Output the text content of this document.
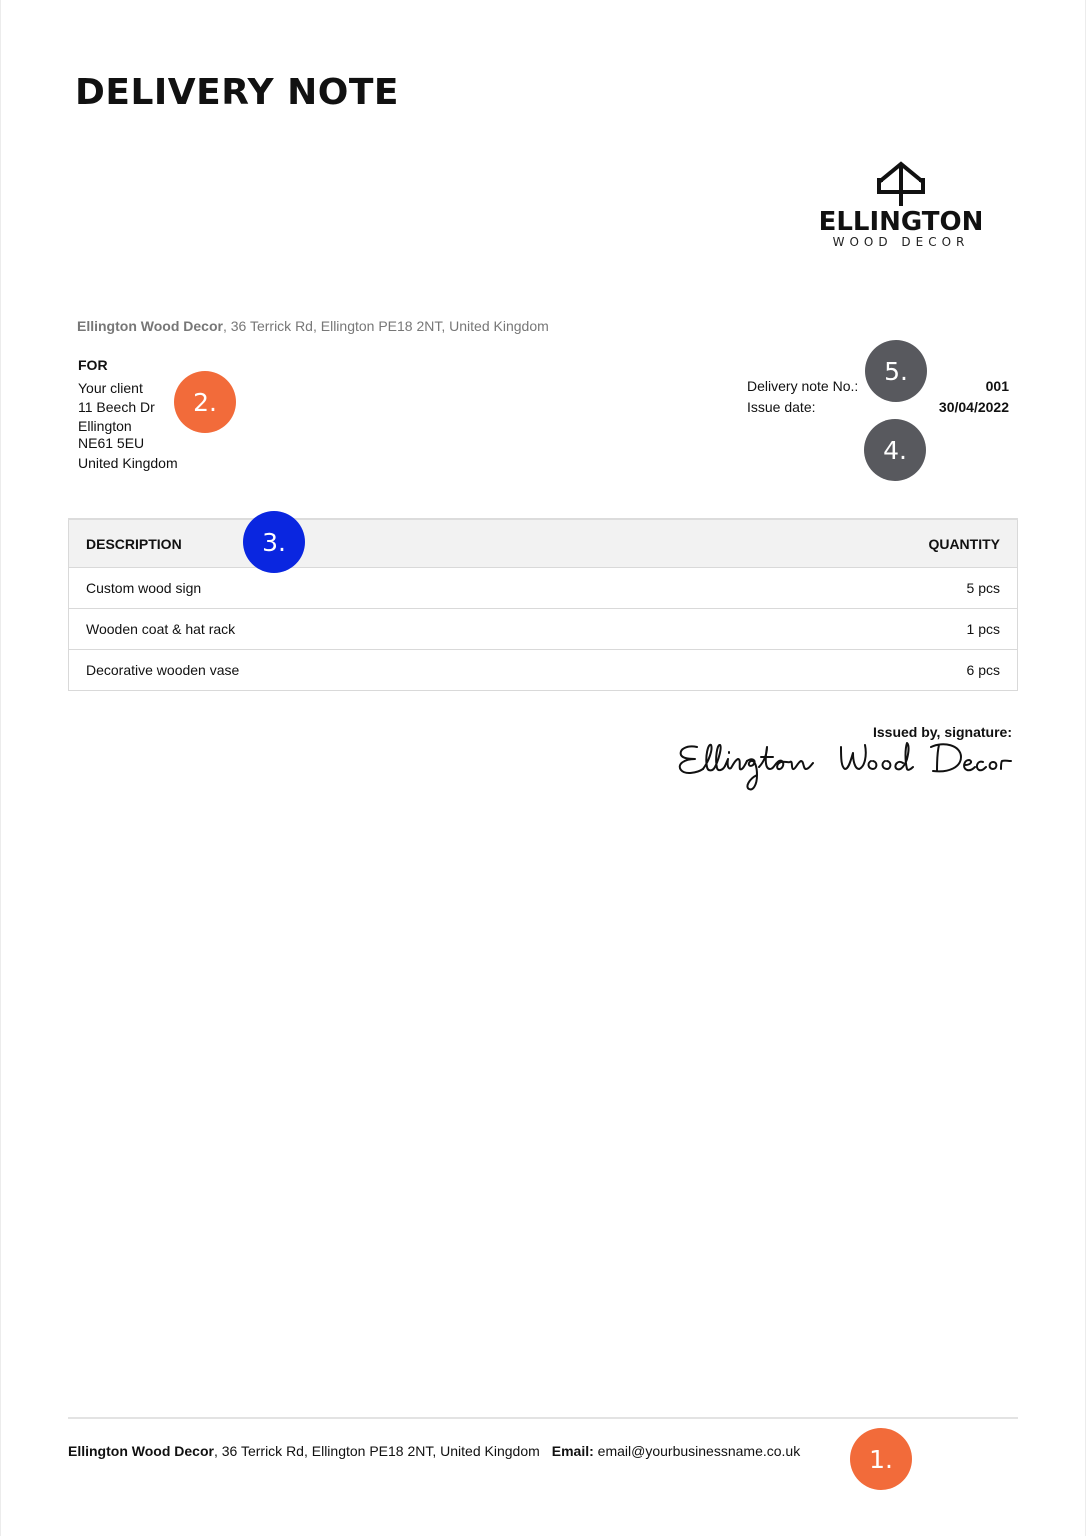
DELIVERY NOTE
ELLINGTON
WOOD DECOR
Ellington Wood Decor, 36 Terrick Rd, Ellington PE18 2NT, United Kingdom
FOR
Your client
11 Beech Dr
Ellington
NE61 5EU
United Kingdom
Delivery note No.:	001
Issue date:	30/04/2022
DESCRIPTION	QUANTITY
Custom wood sign	5 pcs
Wooden coat & hat rack	1 pcs
Decorative wooden vase	6 pcs
Issued by, signature:
Ellington Wood Decor, 36 Terrick Rd, Ellington PE18 2NT, United Kingdom Email: email@yourbusinessname.co.uk	1.
2.
3.
4.
5.
